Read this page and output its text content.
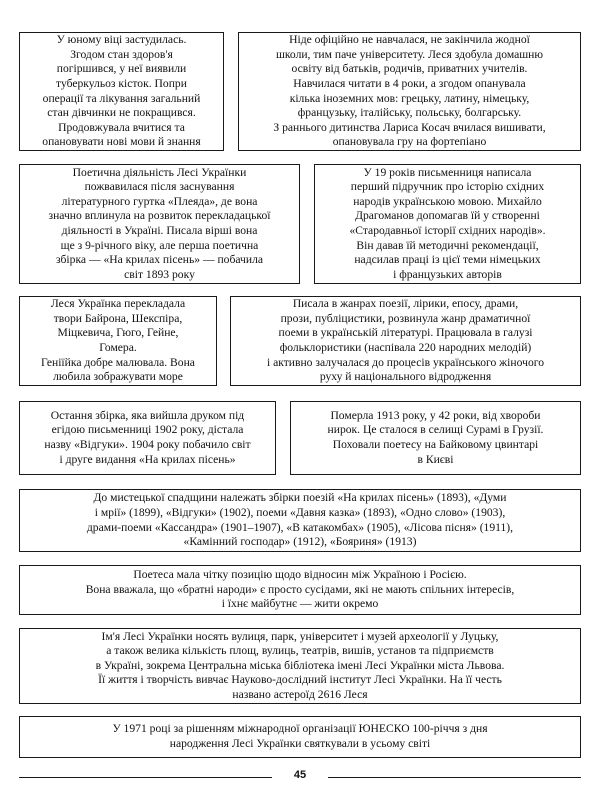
У юному віці застудилась.
Згодом стан здоров'я
погіршився, у неї виявили
туберкульоз кісток. Попри
операції та лікування загальний
стан дівчинки не покращився.
Продовжувала вчитися та
опановувати нові мови й знання

Ніде офіційно не навчалася, не закінчила жодної
школи, тим паче університету. Леся здобула домашню
освіту від батьків, родичів, приватних учителів.
Навчилася читати в 4 роки, а згодом опанувала
кілька іноземних мов: грецьку, латину, німецьку,
французьку, італійську, польську, болгарську.
З раннього дитинства Лариса Косач вчилася вишивати,
опановувала гру на фортепіано

Поетична діяльність Лесі Українки
пожвавилася після заснування
літературного гуртка «Плеяда», де вона
значно вплинула на розвиток перекладацької
діяльності в Україні. Писала вірші вона
ще з 9-річного віку, але перша поетична
збірка — «На крилах пісень» — побачила
світ 1893 року

У 19 років письменниця написала
перший підручник про історію східних
народів українською мовою. Михайло
Драгоманов допомагав їй у створенні
«Стародавньої історії східних народів».
Він давав їй методичні рекомендації,
надсилав праці із цієї теми німецьких
і французьких авторів

Леся Українка перекладала
твори Байрона, Шекспіра,
Міцкевича, Гюго, Гейне,
Гомера.
Геніїйка добре малювала. Вона
любила зображувати море

Писала в жанрах поезії, лірики, епосу, драми,
прози, публіцистики, розвинула жанр драматичної
поеми в українській літературі. Працювала в галузі
фольклористики (наспівала 220 народних мелодій)
і активно залучалася до процесів українського жіночого
руху й національного відродження

Остання збірка, яка вийшла друком під
егідою письменниці 1902 року, дістала
назву «Відгуки». 1904 року побачило світ
і друге видання «На крилах пісень»

Померла 1913 року, у 42 роки, від хвороби
нирок. Це сталося в селищі Сурамі в Грузії.
Поховали поетесу на Байковому цвинтарі
в Києві

До мистецької спадщини належать збірки поезій «На крилах пісень» (1893), «Думи
і мрії» (1899), «Відгуки» (1902), поеми «Давня казка» (1893), «Одно слово» (1903),
драми-поеми «Кассандра» (1901–1907), «В катакомбах» (1905), «Лісова пісня» (1911),
«Камінний господар» (1912), «Бояриня» (1913)

Поетеса мала чітку позицію щодо відносин між Україною і Росією.
Вона вважала, що «братні народи» є просто сусідами, які не мають спільних інтересів,
і їхнє майбутнє — жити окремо

Ім'я Лесі Українки носять вулиця, парк, університет і музей археології у Луцьку,
а також велика кількість площ, вулиць, театрів, вишів, установ та підприємств
в Україні, зокрема Центральна міська бібліотека імені Лесі Українки міста Львова.
Її життя і творчість вивчає Науково-дослідний інститут Лесі Українки. На її честь
названо астероїд 2616 Леся

У 1971 році за рішенням міжнародної організації ЮНЕСКО 100-річчя з дня
народження Лесі Українки святкували в усьому світі

45
